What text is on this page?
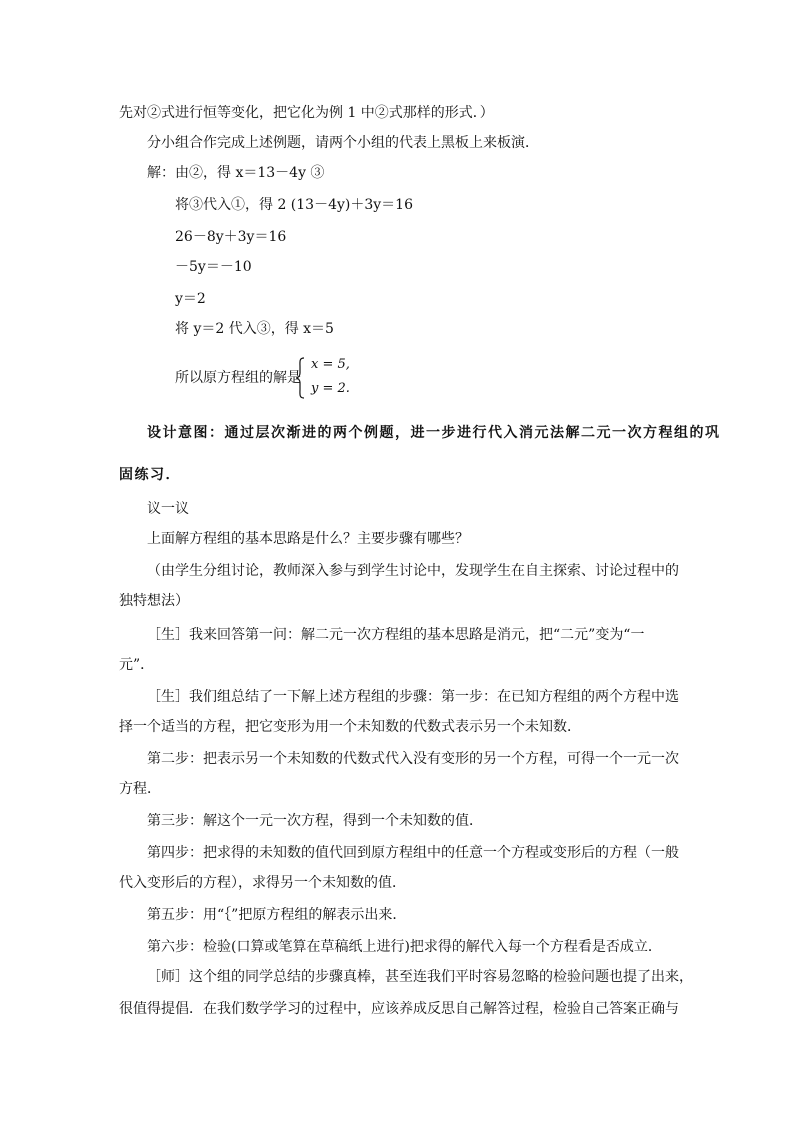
先对②式进行恒等变化，把它化为例 1 中②式那样的形式．）
分小组合作完成上述例题，请两个小组的代表上黑板上来板演．
解：由②，得 x＝13－4y ③
将③代入①，得 2 (13－4y)＋3y＝16
26－8y＋3y＝16
－5y＝－10
y＝2
将 y＝2 代入③，得 x＝5
所以原方程组的解是
x = 5,
y = 2.
设计意图：通过层次渐进的两个例题，进一步进行代入消元法解二元一次方程组的巩
固练习．
议一议
上面解方程组的基本思路是什么？主要步骤有哪些？
（由学生分组讨论，教师深入参与到学生讨论中，发现学生在自主探索、讨论过程中的
独特想法）
［生］我来回答第一问：解二元一次方程组的基本思路是消元，把“二元”变为“一
元”．
［生］我们组总结了一下解上述方程组的步骤：第一步：在已知方程组的两个方程中选
择一个适当的方程，把它变形为用一个未知数的代数式表示另一个未知数．
第二步：把表示另一个未知数的代数式代入没有变形的另一个方程，可得一个一元一次
方程．
第三步：解这个一元一次方程，得到一个未知数的值．
第四步：把求得的未知数的值代回到原方程组中的任意一个方程或变形后的方程（一般
代入变形后的方程），求得另一个未知数的值．
第五步：用“｛”把原方程组的解表示出来．
第六步：检验(口算或笔算在草稿纸上进行)把求得的解代入每一个方程看是否成立．
［师］这个组的同学总结的步骤真棒，甚至连我们平时容易忽略的检验问题也提了出来，
很值得提倡．在我们数学学习的过程中，应该养成反思自己解答过程，检验自己答案正确与
